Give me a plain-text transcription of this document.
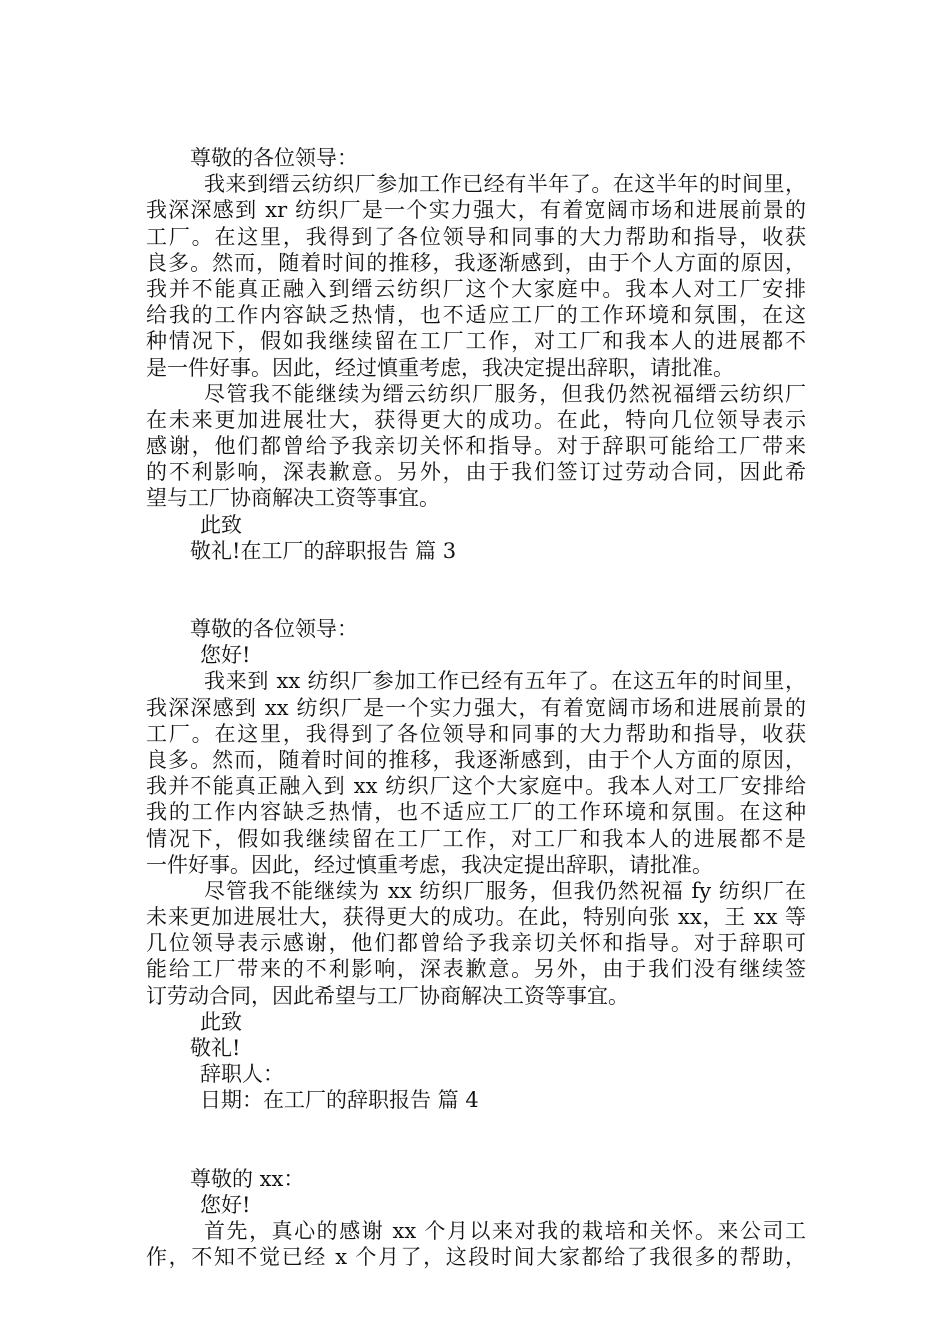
尊敬的各位领导：
我来到缙云纺织厂参加工作已经有半年了。在这半年的时间里，
我深深感到 xr 纺织厂是一个实力强大，有着宽阔市场和进展前景的
工厂。在这里，我得到了各位领导和同事的大力帮助和指导，收获
良多。然而，随着时间的推移，我逐渐感到，由于个人方面的原因，
我并不能真正融入到缙云纺织厂这个大家庭中。我本人对工厂安排
给我的工作内容缺乏热情，也不适应工厂的工作环境和氛围，在这
种情况下，假如我继续留在工厂工作，对工厂和我本人的进展都不
是一件好事。因此，经过慎重考虑，我决定提出辞职，请批准。
尽管我不能继续为缙云纺织厂服务，但我仍然祝福缙云纺织厂
在未来更加进展壮大，获得更大的成功。在此，特向几位领导表示
感谢，他们都曾给予我亲切关怀和指导。对于辞职可能给工厂带来
的不利影响，深表歉意。另外，由于我们签订过劳动合同，因此希
望与工厂协商解决工资等事宜。
此致
敬礼!在工厂的辞职报告 篇 3
尊敬的各位领导：
您好!
我来到 xx 纺织厂参加工作已经有五年了。在这五年的时间里，
我深深感到 xx 纺织厂是一个实力强大，有着宽阔市场和进展前景的
工厂。在这里，我得到了各位领导和同事的大力帮助和指导，收获
良多。然而，随着时间的推移，我逐渐感到，由于个人方面的原因，
我并不能真正融入到 xx 纺织厂这个大家庭中。我本人对工厂安排给
我的工作内容缺乏热情，也不适应工厂的工作环境和氛围。在这种
情况下，假如我继续留在工厂工作，对工厂和我本人的进展都不是
一件好事。因此，经过慎重考虑，我决定提出辞职，请批准。
尽管我不能继续为 xx 纺织厂服务，但我仍然祝福 fy 纺织厂在
未来更加进展壮大，获得更大的成功。在此，特别向张 xx，王 xx 等
几位领导表示感谢，他们都曾给予我亲切关怀和指导。对于辞职可
能给工厂带来的不利影响，深表歉意。另外，由于我们没有继续签
订劳动合同，因此希望与工厂协商解决工资等事宜。
此致
敬礼!
辞职人：
日期：在工厂的辞职报告 篇 4
尊敬的 xx：
您好!
首先，真心的感谢 xx 个月以来对我的栽培和关怀。来公司工
作，不知不觉已经 x 个月了，这段时间大家都给了我很多的帮助，
